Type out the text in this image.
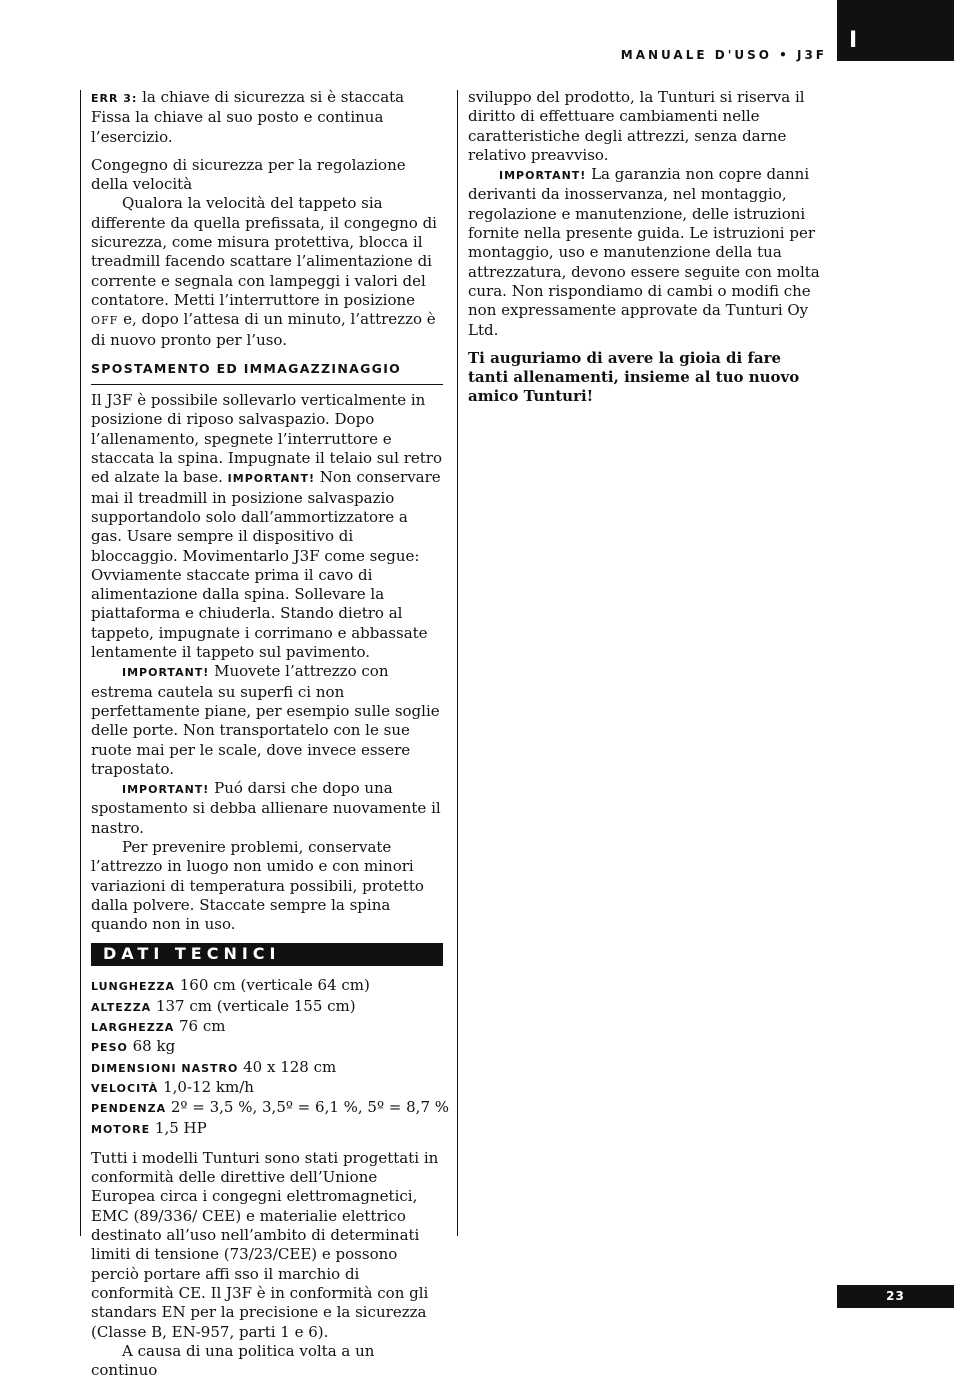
MANUALE D'USO • J3F
I

ERR 3: la chiave di sicurezza si è staccata Fissa la chiave al suo posto e continua l’esercizio.

Congegno di sicurezza per la regolazione della velocità

Qualora la velocità del tappeto sia differente da quella prefissata, il congegno di sicurezza, come misura protettiva, blocca il treadmill facendo scattare l’alimentazione di corrente e segnala con lampeggi i valori del contatore. Metti l’interruttore in posizione OFF e, dopo l’attesa di un minuto, l’attrezzo è di nuovo pronto per l’uso.

SPOSTAMENTO ED IMMAGAZZINAGGIO

Il J3F è possibile sollevarlo verticalmente in posizione di riposo salvaspazio. Dopo l’allenamento, spegnete l’interruttore e staccata la spina. Impugnate il telaio sul retro ed alzate la base. IMPORTANT! Non conservare mai il treadmill in posizione salvaspazio supportandolo solo dall’ammortizzatore a gas. Usare sempre il dispositivo di bloccaggio. Movimentarlo J3F come segue: Ovviamente staccate prima il cavo di alimentazione dalla spina. Sollevare la piattaforma e chiuderla. Stando dietro al tappeto, impugnate i corrimano e abbassate lentamente il tappeto sul pavimento.

IMPORTANT! Muovete l’attrezzo con estrema cautela su superfi ci non perfettamente piane, per esempio sulle soglie delle porte. Non transportatelo con le sue ruote mai per le scale, dove invece essere trapostato.

IMPORTANT! Puó darsi che dopo una spostamento si debba allienare nuovamente il nastro.

Per prevenire problemi, conservate l’attrezzo in luogo non umido e con minori variazioni di temperatura possibili, protetto dalla polvere. Staccate sempre la spina quando non in uso.

DATI TECNICI
LUNGHEZZA 160 cm (verticale 64 cm)
ALTEZZA 137 cm (verticale 155 cm)
LARGHEZZA 76 cm
PESO 68 kg
DIMENSIONI NASTRO 40 x 128 cm
VELOCITÀ 1,0-12 km/h
PENDENZA 2º = 3,5 %, 3,5º = 6,1 %, 5º = 8,7 %
MOTORE 1,5 HP

Tutti i modelli Tunturi sono stati progettati in conformità delle direttive dell’Unione Europea circa i congegni elettromagnetici, EMC (89/336/ CEE) e materialie elettrico destinato all’uso nell’ambito di determinati limiti di tensione (73/23/CEE) e possono perciò portare affi sso il marchio di conformità CE. Il J3F è in conformità con gli standars EN per la precisione e la sicurezza (Classe B, EN-957, parti 1 e 6).

A causa di una politica volta a un continuo

sviluppo del prodotto, la Tunturi si riserva il diritto di effettuare cambiamenti nelle caratteristiche degli attrezzi, senza darne relativo preavviso.

IMPORTANT! La garanzia non copre danni derivanti da inosservanza, nel montaggio, regolazione e manutenzione, delle istruzioni fornite nella presente guida. Le istruzioni per montaggio, uso e manutenzione della tua attrezzatura, devono essere seguite con molta cura. Non rispondiamo di cambi o modifi che non expressamente approvate da Tunturi Oy Ltd.

Ti auguriamo di avere la gioia di fare tanti allenamenti, insieme al tuo nuovo amico Tunturi!

23
